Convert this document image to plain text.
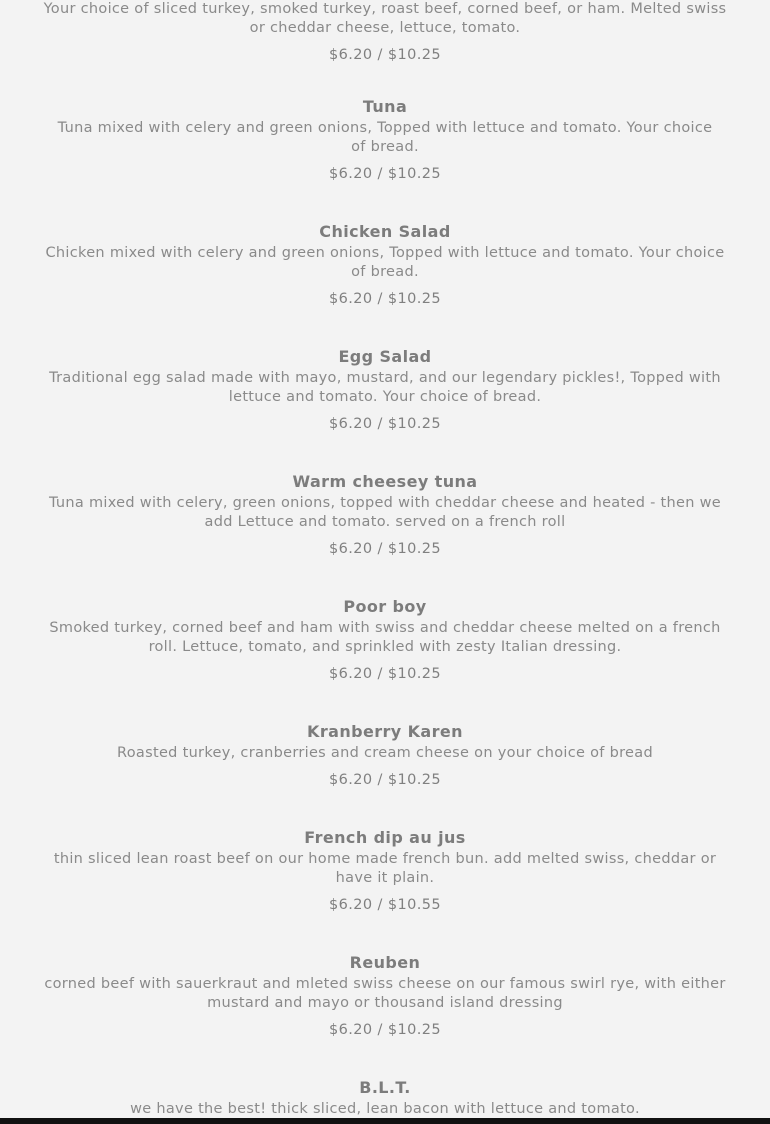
Your choice of sliced turkey, smoked turkey, roast beef, corned beef, or ham. Melted swiss or cheddar cheese, lettuce, tomato.
$6.20 / $10.25
Tuna
Tuna mixed with celery and green onions, Topped with lettuce and tomato. Your choice of bread.
$6.20 / $10.25
Chicken Salad
Chicken mixed with celery and green onions, Topped with lettuce and tomato. Your choice of bread.
$6.20 / $10.25
Egg Salad
Traditional egg salad made with mayo, mustard, and our legendary pickles!, Topped with lettuce and tomato. Your choice of bread.
$6.20 / $10.25
Warm cheesey tuna
Tuna mixed with celery, green onions, topped with cheddar cheese and heated - then we add Lettuce and tomato. served on a french roll
$6.20 / $10.25
Poor boy
Smoked turkey, corned beef and ham with swiss and cheddar cheese melted on a french roll. Lettuce, tomato, and sprinkled with zesty Italian dressing.
$6.20 / $10.25
Kranberry Karen
Roasted turkey, cranberries and cream cheese on your choice of bread
$6.20 / $10.25
French dip au jus
thin sliced lean roast beef on our home made french bun. add melted swiss, cheddar or have it plain.
$6.20 / $10.55
Reuben
corned beef with sauerkraut and mleted swiss cheese on our famous swirl rye, with either mustard and mayo or thousand island dressing
$6.20 / $10.25
B.L.T.
we have the best! thick sliced, lean bacon with lettuce and tomato.
